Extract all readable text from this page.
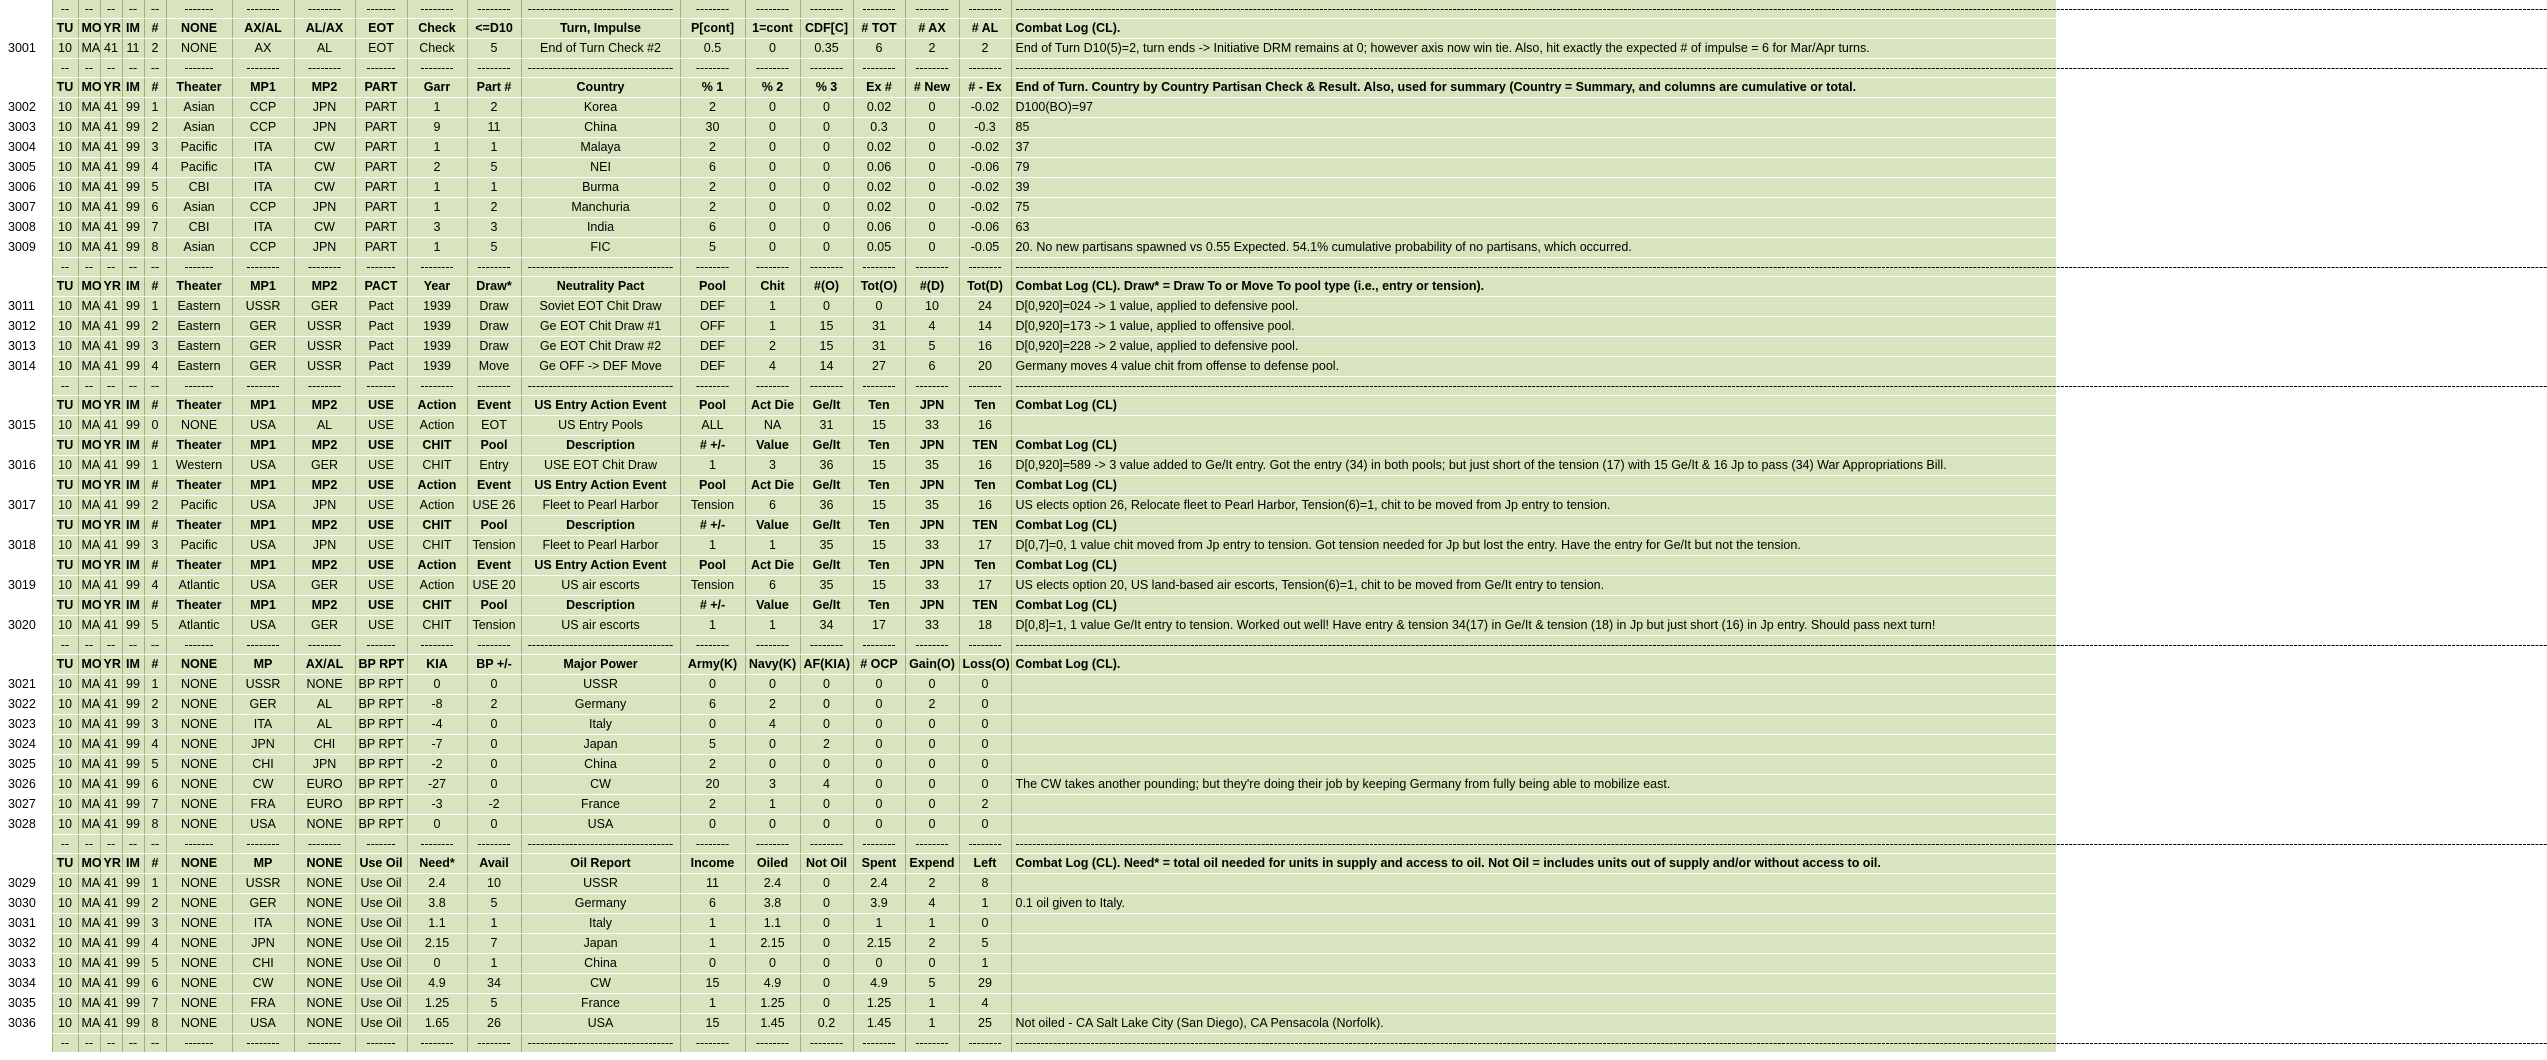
	--	--	--	--	--	-------	--------	--------	-------	--------	--------	-----------------------------------	--------	--------	--------	--------	--------	--------	--------------------------------------------------------------------------------------------------------------------------------------------------------------------------------------------------------------------------------------------------------------------------------------------------------------------------------------------------------------------------------
	TU	MO	YR	IM	#	NONE	AX/AL	AL/AX	EOT	Check	<=D10	Turn, Impulse	P[cont]	1=cont	CDF[C]	# TOT	# AX	# AL	Combat Log (CL).
3001	10	MA	41	11	2	NONE	AX	AL	EOT	Check	5	End of Turn Check #2	0.5	0	0.35	6	2	2	End of Turn D10(5)=2, turn ends -> Initiative DRM remains at 0; however axis now win tie. Also, hit exactly the expected # of impulse = 6 for Mar/Apr turns.
	--	--	--	--	--	-------	--------	--------	-------	--------	--------	-----------------------------------	--------	--------	--------	--------	--------	--------	--------------------------------------------------------------------------------------------------------------------------------------------------------------------------------------------------------------------------------------------------------------------------------------------------------------------------------------------------------------------------------
	TU	MO	YR	IM	#	Theater	MP1	MP2	PART	Garr	Part #	Country	% 1	% 2	% 3	Ex #	# New	# - Ex	End of Turn. Country by Country Partisan Check & Result. Also, used for summary (Country = Summary, and columns are cumulative or total.
3002	10	MA	41	99	1	Asian	CCP	JPN	PART	1	2	Korea	2	0	0	0.02	0	-0.02	D100(BO)=97
3003	10	MA	41	99	2	Asian	CCP	JPN	PART	9	11	China	30	0	0	0.3	0	-0.3	85
3004	10	MA	41	99	3	Pacific	ITA	CW	PART	1	1	Malaya	2	0	0	0.02	0	-0.02	37
3005	10	MA	41	99	4	Pacific	ITA	CW	PART	2	5	NEI	6	0	0	0.06	0	-0.06	79
3006	10	MA	41	99	5	CBI	ITA	CW	PART	1	1	Burma	2	0	0	0.02	0	-0.02	39
3007	10	MA	41	99	6	Asian	CCP	JPN	PART	1	2	Manchuria	2	0	0	0.02	0	-0.02	75
3008	10	MA	41	99	7	CBI	ITA	CW	PART	3	3	India	6	0	0	0.06	0	-0.06	63
3009	10	MA	41	99	8	Asian	CCP	JPN	PART	1	5	FIC	5	0	0	0.05	0	-0.05	20. No new partisans spawned vs 0.55 Expected. 54.1% cumulative probability of no partisans, which occurred.
	--	--	--	--	--	-------	--------	--------	-------	--------	--------	-----------------------------------	--------	--------	--------	--------	--------	--------	--------------------------------------------------------------------------------------------------------------------------------------------------------------------------------------------------------------------------------------------------------------------------------------------------------------------------------------------------------------------------------
	TU	MO	YR	IM	#	Theater	MP1	MP2	PACT	Year	Draw*	Neutrality Pact	Pool	Chit	#(O)	Tot(O)	#(D)	Tot(D)	Combat Log (CL). Draw* = Draw To or Move To pool type (i.e., entry or tension).
3011	10	MA	41	99	1	Eastern	USSR	GER	Pact	1939	Draw	Soviet EOT Chit Draw	DEF	1	0	0	10	24	D[0,920]=024 -> 1 value, applied to defensive pool.
3012	10	MA	41	99	2	Eastern	GER	USSR	Pact	1939	Draw	Ge EOT Chit Draw #1	OFF	1	15	31	4	14	D[0,920]=173 -> 1 value, applied to offensive pool.
3013	10	MA	41	99	3	Eastern	GER	USSR	Pact	1939	Draw	Ge EOT Chit Draw #2	DEF	2	15	31	5	16	D[0,920]=228 -> 2 value, applied to defensive pool.
3014	10	MA	41	99	4	Eastern	GER	USSR	Pact	1939	Move	Ge OFF -> DEF Move	DEF	4	14	27	6	20	Germany moves 4 value chit from offense to defense pool.
	--	--	--	--	--	-------	--------	--------	-------	--------	--------	-----------------------------------	--------	--------	--------	--------	--------	--------	--------------------------------------------------------------------------------------------------------------------------------------------------------------------------------------------------------------------------------------------------------------------------------------------------------------------------------------------------------------------------------
	TU	MO	YR	IM	#	Theater	MP1	MP2	USE	Action	Event	US Entry Action Event	Pool	Act Die	Ge/It	Ten	JPN	Ten	Combat Log (CL)
3015	10	MA	41	99	0	NONE	USA	AL	USE	Action	EOT	US Entry Pools	ALL	NA	31	15	33	16	
	TU	MO	YR	IM	#	Theater	MP1	MP2	USE	CHIT	Pool	Description	# +/-	Value	Ge/It	Ten	JPN	TEN	Combat Log (CL)
3016	10	MA	41	99	1	Western	USA	GER	USE	CHIT	Entry	USE EOT Chit Draw	1	3	36	15	35	16	D[0,920]=589 -> 3 value added to Ge/It entry. Got the entry (34) in both pools; but just short of the tension (17) with 15 Ge/It & 16 Jp to pass (34) War Appropriations Bill.
	TU	MO	YR	IM	#	Theater	MP1	MP2	USE	Action	Event	US Entry Action Event	Pool	Act Die	Ge/It	Ten	JPN	Ten	Combat Log (CL)
3017	10	MA	41	99	2	Pacific	USA	JPN	USE	Action	USE 26	Fleet to Pearl Harbor	Tension	6	36	15	35	16	US elects option 26, Relocate fleet to Pearl Harbor, Tension(6)=1, chit to be moved from Jp entry to tension.
	TU	MO	YR	IM	#	Theater	MP1	MP2	USE	CHIT	Pool	Description	# +/-	Value	Ge/It	Ten	JPN	TEN	Combat Log (CL)
3018	10	MA	41	99	3	Pacific	USA	JPN	USE	CHIT	Tension	Fleet to Pearl Harbor	1	1	35	15	33	17	D[0,7]=0, 1 value chit moved from Jp entry to tension. Got tension needed for Jp but lost the entry. Have the entry for Ge/It but not the tension.
	TU	MO	YR	IM	#	Theater	MP1	MP2	USE	Action	Event	US Entry Action Event	Pool	Act Die	Ge/It	Ten	JPN	Ten	Combat Log (CL)
3019	10	MA	41	99	4	Atlantic	USA	GER	USE	Action	USE 20	US air escorts	Tension	6	35	15	33	17	US elects option 20, US land-based air escorts, Tension(6)=1, chit to be moved from Ge/It entry to tension.
	TU	MO	YR	IM	#	Theater	MP1	MP2	USE	CHIT	Pool	Description	# +/-	Value	Ge/It	Ten	JPN	TEN	Combat Log (CL)
3020	10	MA	41	99	5	Atlantic	USA	GER	USE	CHIT	Tension	US air escorts	1	1	34	17	33	18	D[0,8]=1, 1 value Ge/It entry to tension. Worked out well! Have entry & tension 34(17) in Ge/It & tension (18) in Jp but just short (16) in Jp entry. Should pass next turn!
	--	--	--	--	--	-------	--------	--------	-------	--------	--------	-----------------------------------	--------	--------	--------	--------	--------	--------	--------------------------------------------------------------------------------------------------------------------------------------------------------------------------------------------------------------------------------------------------------------------------------------------------------------------------------------------------------------------------------
	TU	MO	YR	IM	#	NONE	MP	AX/AL	BP RPT	KIA	BP +/-	Major Power	Army(K)	Navy(K)	AF(KIA)	# OCP	Gain(O)	Loss(O)	Combat Log (CL).
3021	10	MA	41	99	1	NONE	USSR	NONE	BP RPT	0	0	USSR	0	0	0	0	0	0	
3022	10	MA	41	99	2	NONE	GER	AL	BP RPT	-8	2	Germany	6	2	0	0	2	0	
3023	10	MA	41	99	3	NONE	ITA	AL	BP RPT	-4	0	Italy	0	4	0	0	0	0	
3024	10	MA	41	99	4	NONE	JPN	CHI	BP RPT	-7	0	Japan	5	0	2	0	0	0	
3025	10	MA	41	99	5	NONE	CHI	JPN	BP RPT	-2	0	China	2	0	0	0	0	0	
3026	10	MA	41	99	6	NONE	CW	EURO	BP RPT	-27	0	CW	20	3	4	0	0	0	The CW takes another pounding; but they're doing their job by keeping Germany from fully being able to mobilize east.
3027	10	MA	41	99	7	NONE	FRA	EURO	BP RPT	-3	-2	France	2	1	0	0	0	2	
3028	10	MA	41	99	8	NONE	USA	NONE	BP RPT	0	0	USA	0	0	0	0	0	0	
	--	--	--	--	--	-------	--------	--------	-------	--------	--------	-----------------------------------	--------	--------	--------	--------	--------	--------	--------------------------------------------------------------------------------------------------------------------------------------------------------------------------------------------------------------------------------------------------------------------------------------------------------------------------------------------------------------------------------
	TU	MO	YR	IM	#	NONE	MP	NONE	Use Oil	Need*	Avail	Oil Report	Income	Oiled	Not Oil	Spent	Expend	Left	Combat Log (CL). Need* = total oil needed for units in supply and access to oil. Not Oil = includes units out of supply and/or without access to oil.
3029	10	MA	41	99	1	NONE	USSR	NONE	Use Oil	2.4	10	USSR	11	2.4	0	2.4	2	8	
3030	10	MA	41	99	2	NONE	GER	NONE	Use Oil	3.8	5	Germany	6	3.8	0	3.9	4	1	0.1 oil given to Italy.
3031	10	MA	41	99	3	NONE	ITA	NONE	Use Oil	1.1	1	Italy	1	1.1	0	1	1	0	
3032	10	MA	41	99	4	NONE	JPN	NONE	Use Oil	2.15	7	Japan	1	2.15	0	2.15	2	5	
3033	10	MA	41	99	5	NONE	CHI	NONE	Use Oil	0	1	China	0	0	0	0	0	1	
3034	10	MA	41	99	6	NONE	CW	NONE	Use Oil	4.9	34	CW	15	4.9	0	4.9	5	29	
3035	10	MA	41	99	7	NONE	FRA	NONE	Use Oil	1.25	5	France	1	1.25	0	1.25	1	4	
3036	10	MA	41	99	8	NONE	USA	NONE	Use Oil	1.65	26	USA	15	1.45	0.2	1.45	1	25	Not oiled - CA Salt Lake City (San Diego), CA Pensacola (Norfolk).
	--	--	--	--	--	-------	--------	--------	-------	--------	--------	-----------------------------------	--------	--------	--------	--------	--------	--------	--------------------------------------------------------------------------------------------------------------------------------------------------------------------------------------------------------------------------------------------------------------------------------------------------------------------------------------------------------------------------------
